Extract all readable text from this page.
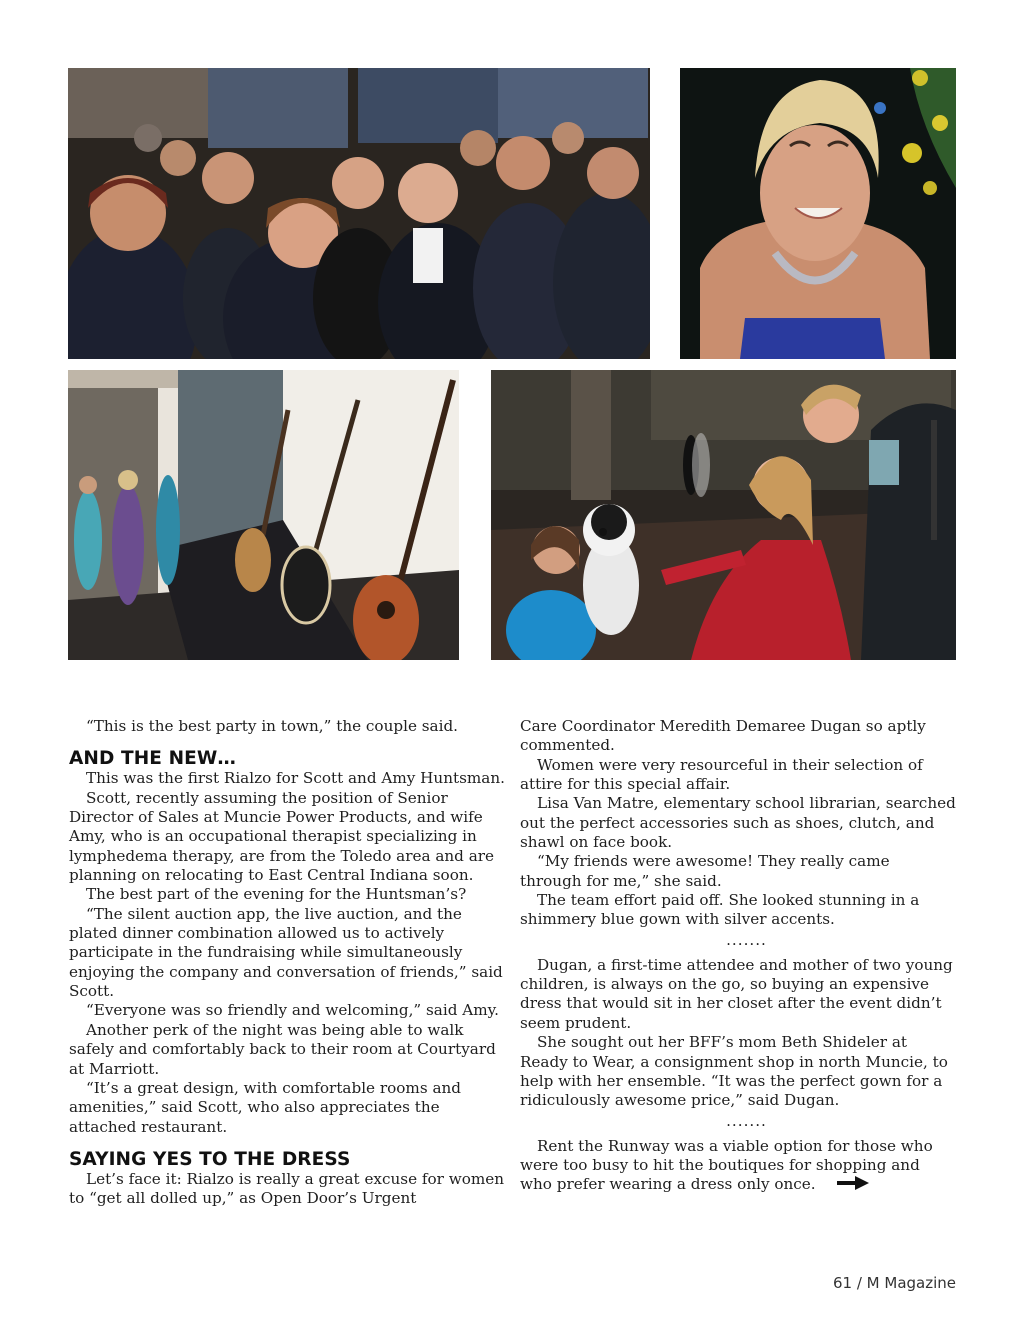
“This is the best party in town,” the couple said.

AND THE NEW…

This was the first Rialzo for Scott and Amy Huntsman.

Scott, recently assuming the position of Senior Director of Sales at Muncie Power Products, and wife Amy, who is an occupational therapist specializing in lymphedema therapy, are from the Toledo area and are planning on relocating to East Central Indiana soon.

The best part of the evening for the Huntsman’s?

“The silent auction app, the live auction, and the plated dinner combination allowed us to actively participate in the fundraising while simultaneously enjoying the company and conversation of friends,” said Scott.

“Everyone was so friendly and welcoming,” said Amy.

Another perk of the night was being able to walk safely and comfortably back to their room at Courtyard at Marriott.

“It’s a great design, with comfortable rooms and amenities,” said Scott, who also appreciates the attached restaurant.

SAYING YES TO THE DRESS

Let’s face it: Rialzo is really a great excuse for women to “get all dolled up,” as Open Door’s Urgent

Care Coordinator Meredith Demaree Dugan so aptly commented.

Women were very resourceful in their selection of attire for this special affair.

Lisa Van Matre, elementary school librarian, searched out the perfect accessories such as shoes, clutch, and shawl on face book.

“My friends were awesome! They really came through for me,” she said.

The team effort paid off. She looked stunning in a shimmery blue gown with silver accents.

.......

Dugan, a first-time attendee and mother of two young children, is always on the go, so buying an expensive dress that would sit in her closet after the event didn’t seem prudent.

She sought out her BFF’s mom Beth Shideler at Ready to Wear, a consignment shop in north Muncie, to help with her ensemble. “It was the perfect gown for a ridiculously awesome price,” said Dugan.

.......

Rent the Runway was a viable option for those who were too busy to hit the boutiques for shopping and who prefer wearing a dress only once.

61 / M Magazine
